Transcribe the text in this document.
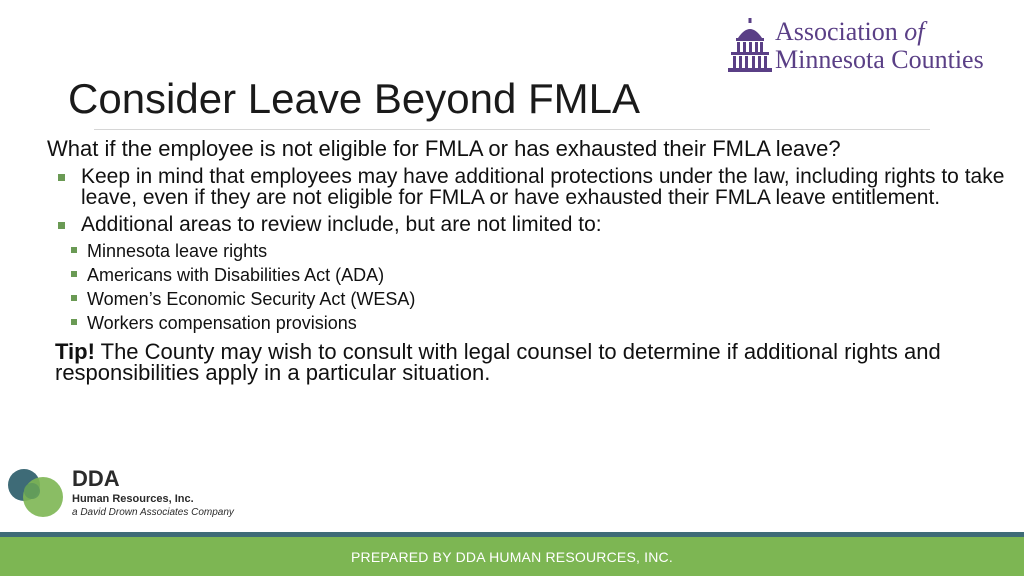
Association of
Minnesota Counties
Consider Leave Beyond FMLA

What if the employee is not eligible for FMLA or has exhausted their FMLA leave?

Keep in mind that employees may have additional protections under the law, including rights to take leave, even if they are not eligible for FMLA or have exhausted their FMLA leave entitlement.
Additional areas to review include, but are not limited to:
Minnesota leave rights
Americans with Disabilities Act (ADA)
Women’s Economic Security Act (WESA)
Workers compensation provisions

Tip! The County may wish to consult with legal counsel to determine if additional rights and responsibilities apply in a particular situation.

DDA
Human Resources, Inc.
a David Drown Associates Company
PREPARED BY DDA HUMAN RESOURCES, INC.
